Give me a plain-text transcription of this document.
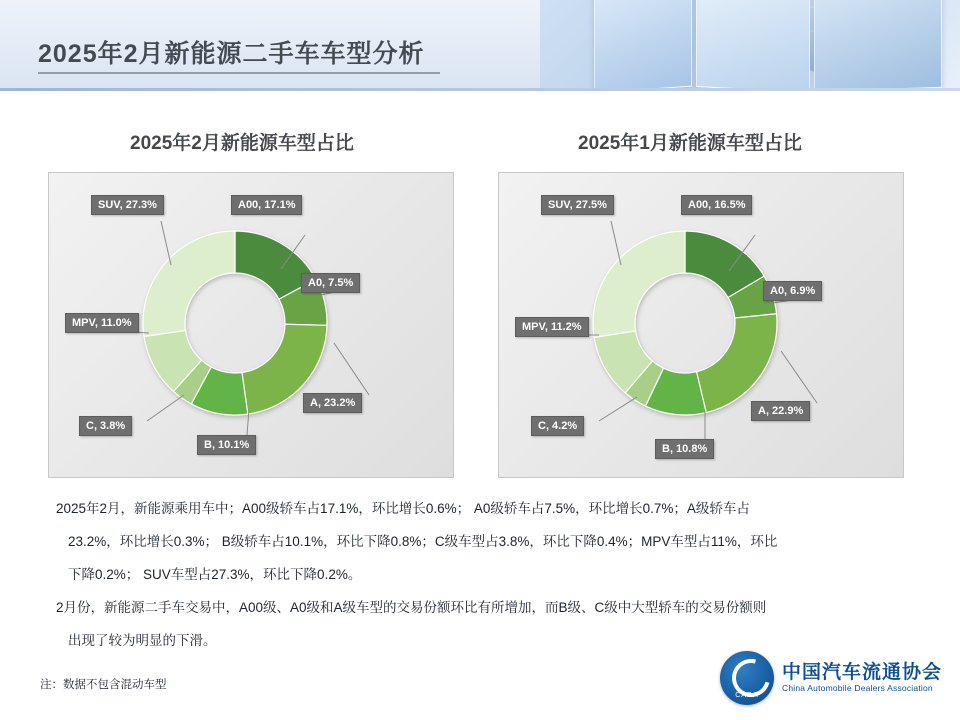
2025年2月新能源二手车车型分析
2025年2月新能源车型占比	2025年1月新能源车型占比
A00, 17.1%
A0, 7.5%
A, 23.2%
B, 10.1%
C, 3.8%
MPV, 11.0%
SUV, 27.3%	A00, 16.5%
A0, 6.9%
A, 22.9%
B, 10.8%
C, 4.2%
MPV, 11.2%
SUV, 27.5%

2025年2月，新能源乘用车中；A00级轿车占17.1%，环比增长0.6%； A0级轿车占7.5%，环比增长0.7%；A级轿车占

23.2%，环比增长0.3%； B级轿车占10.1%，环比下降0.8%；C级车型占3.8%，环比下降0.4%；MPV车型占11%，环比

下降0.2%； SUV车型占27.3%，环比下降0.2%。

2月份，新能源二手车交易中，A00级、A0级和A级车型的交易份额环比有所增加，而B级、C级中大型轿车的交易份额则

出现了较为明显的下滑。

注：数据不包含混动车型
CADA
中国汽车流通协会
China Automobile Dealers Association
